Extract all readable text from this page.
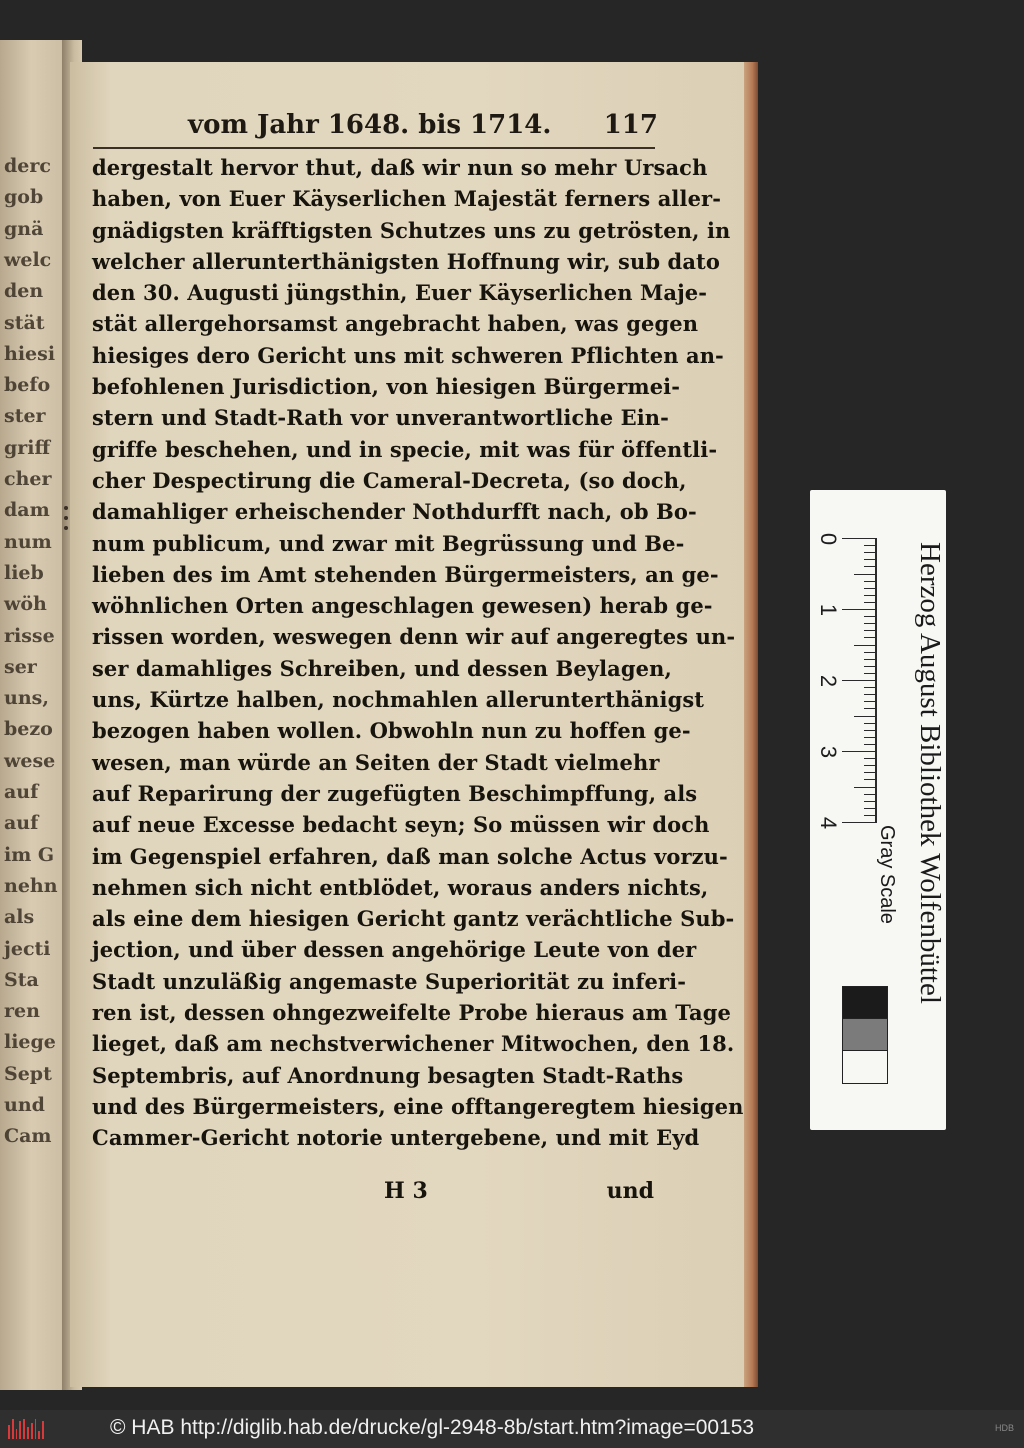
derc
gob
gnä
welc
den
stät
hiesi
befo
ster
griff
cher
dam
num
lieb
wöh
risse
ser
uns,
bezo
wese
auf
auf
im G
nehn
als
jecti
Sta
ren
liege
Sept
und
Cam
vom Jahr 1648. bis 1714. 117
dergestalt hervor thut, daß wir nun so mehr Ursach
haben, von Euer Käyserlichen Majestät ferners aller-
gnädigsten kräfftigsten Schutzes uns zu getrösten, in
welcher allerunterthänigsten Hoffnung wir, sub dato
den 30. Augusti jüngsthin, Euer Käyserlichen Maje-
stät allergehorsamst angebracht haben, was gegen
hiesiges dero Gericht uns mit schweren Pflichten an-
befohlenen Jurisdiction, von hiesigen Bürgermei-
stern und Stadt-Rath vor unverantwortliche Ein-
griffe beschehen, und in specie, mit was für öffentli-
cher Despectirung die Cameral-Decreta, (so doch,
damahliger erheischender Nothdurfft nach, ob Bo-
num publicum, und zwar mit Begrüssung und Be-
lieben des im Amt stehenden Bürgermeisters, an ge-
wöhnlichen Orten angeschlagen gewesen) herab ge-
rissen worden, weswegen denn wir auf angeregtes un-
ser damahliges Schreiben, und dessen Beylagen,
uns, Kürtze halben, nochmahlen allerunterthänigst
bezogen haben wollen. Obwohln nun zu hoffen ge-
wesen, man würde an Seiten der Stadt vielmehr
auf Reparirung der zugefügten Beschimpffung, als
auf neue Excesse bedacht seyn; So müssen wir doch
im Gegenspiel erfahren, daß man solche Actus vorzu-
nehmen sich nicht entblödet, woraus anders nichts,
als eine dem hiesigen Gericht gantz verächtliche Sub-
jection, und über dessen angehörige Leute von der
Stadt unzuläßig angemaste Superiorität zu inferi-
ren ist, dessen ohngezweifelte Probe hieraus am Tage
lieget, daß am nechstverwichener Mitwochen, den 18.
Septembris, auf Anordnung besagten Stadt-Raths
und des Bürgermeisters, eine offtangeregtem hiesigen
Cammer-Gericht notorie untergebene, und mit Eyd
H 3	und
Herzog August Bibliothek Wolfenbüttel
Gray Scale
0
1
2
3
4
© HAB http://diglib.hab.de/drucke/gl-2948-8b/start.htm?image=00153	HDB
